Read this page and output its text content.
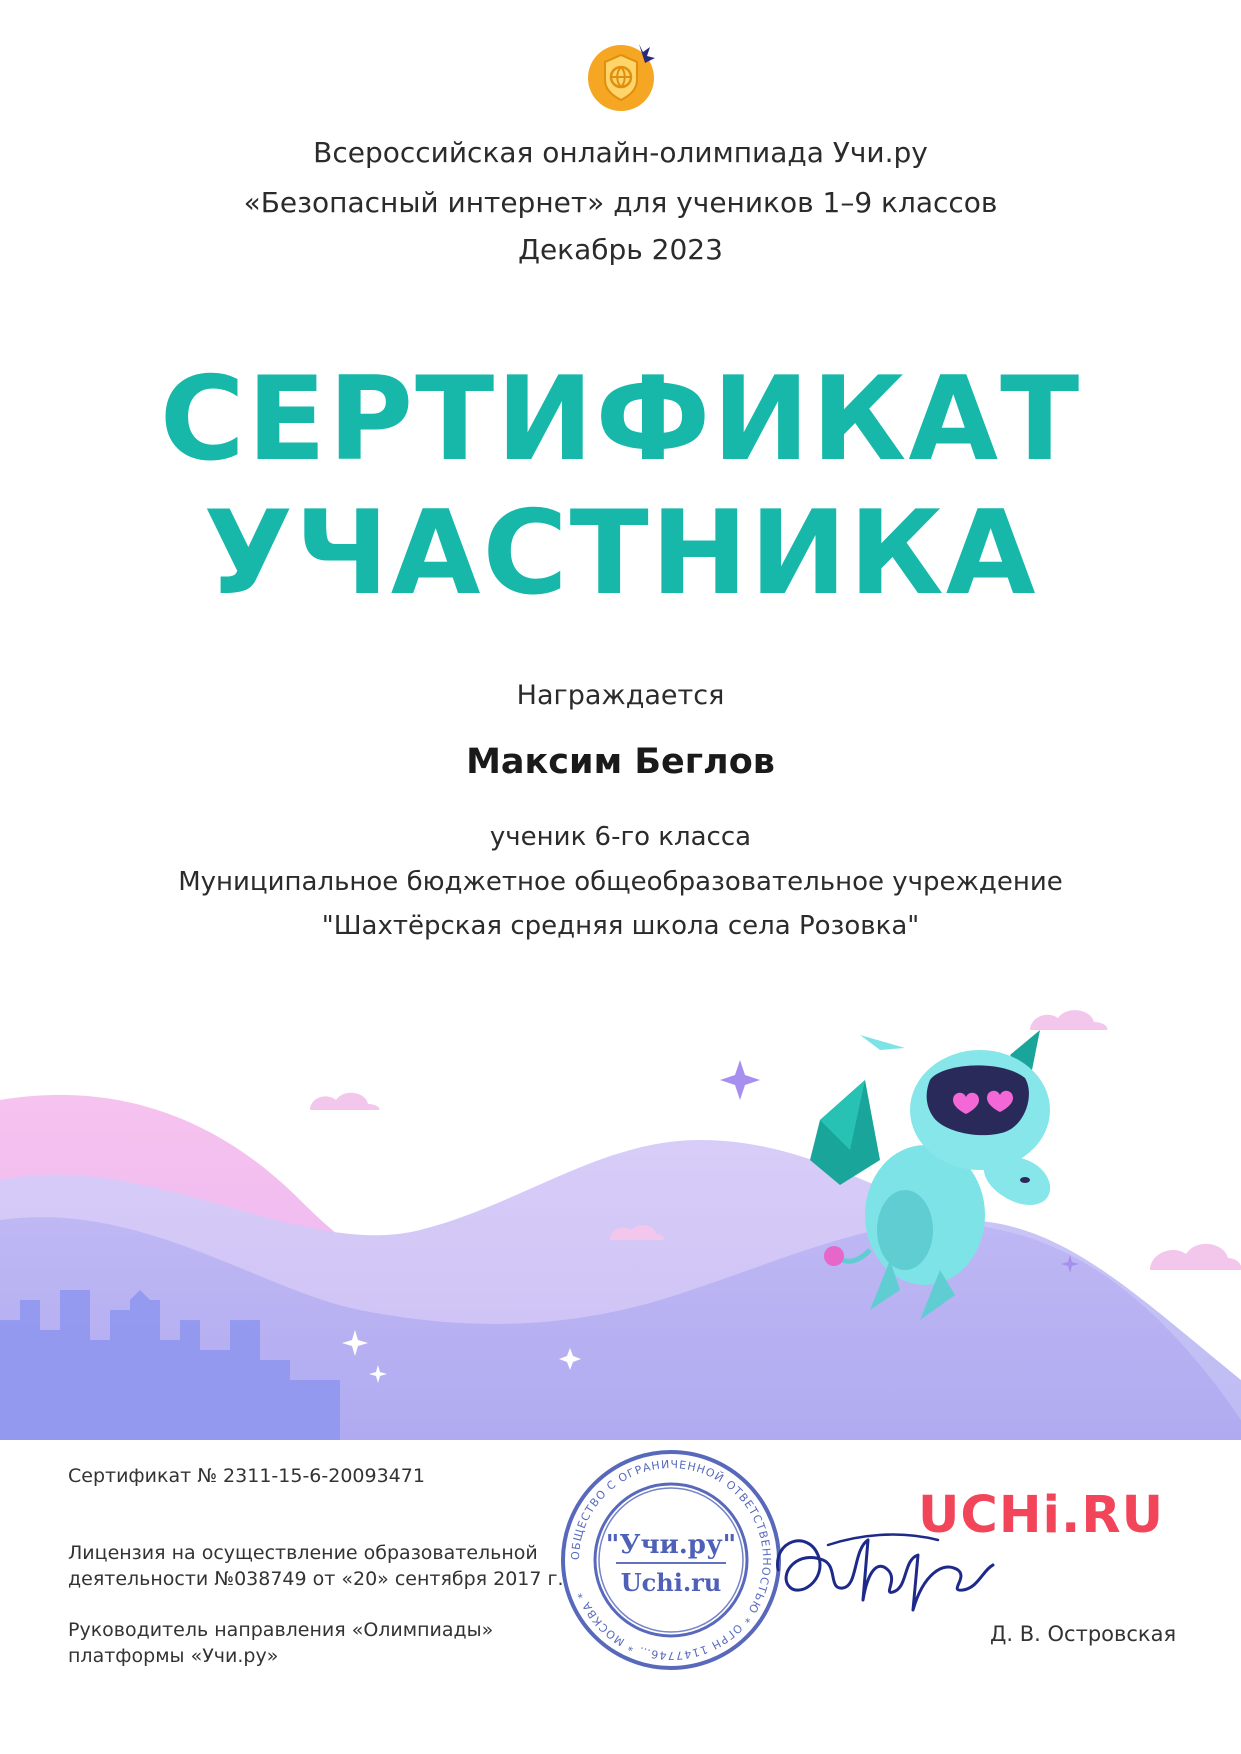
Всероссийская онлайн-олимпиада Учи.ру
«Безопасный интернет» для учеников 1–9 классов
Декабрь 2023
СЕРТИФИКАТ
УЧАСТНИКА
Награждается
Максим Беглов
ученик 6-го класса
Муниципальное бюджетное общеобразовательное учреждение
"Шахтёрская средняя школа села Розовка"
Сертификат № 2311-15-6-20093471
Лицензия на осуществление образовательной
деятельности №038749 от «20» сентября 2017 г.
Руководитель направления «Олимпиады»
платформы «Учи.ру»
ОБЩЕСТВО С ОГРАНИЧЕННОЙ ОТВЕТСТВЕННОСТЬЮ * ОГРН 1147746… * МОСКВА *
"Учи.ру"
Uchi.ru
UCHi.RU
Д. В. Островская
